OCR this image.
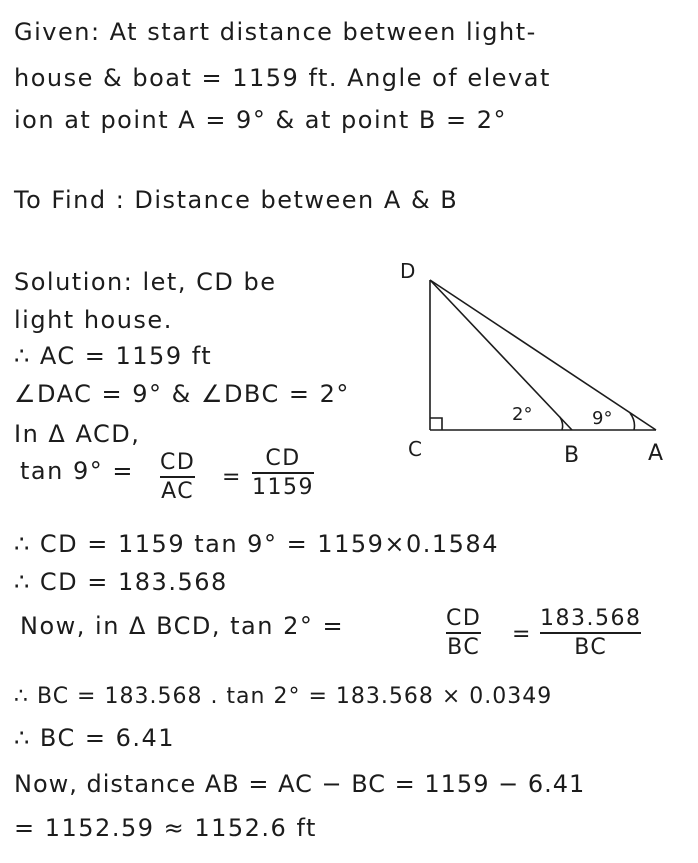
Given: At start distance between light-
house & boat = 1159 ft. Angle of elevat
ion at point A = 9° & at point B = 2°
To Find : Distance between A & B
Solution: let, CD be
light house.
∴ AC = 1159 ft
∠DAC = 9° & ∠DBC = 2°
In Δ ACD,
tan 9° = CD
AC
=
CD
1159
∴ CD = 1159 tan 9° = 1159×0.1584
∴ CD = 183.568
Now, in Δ BCD, tan 2° =	CD
BC
=
183.568
BC
∴ BC = 183.568 . tan 2° = 183.568 × 0.0349
∴ BC = 6.41
Now, distance AB = AC − BC = 1159 − 6.41
= 1152.59 ≈ 1152.6 ft
D
C	B	A
2°	9°
